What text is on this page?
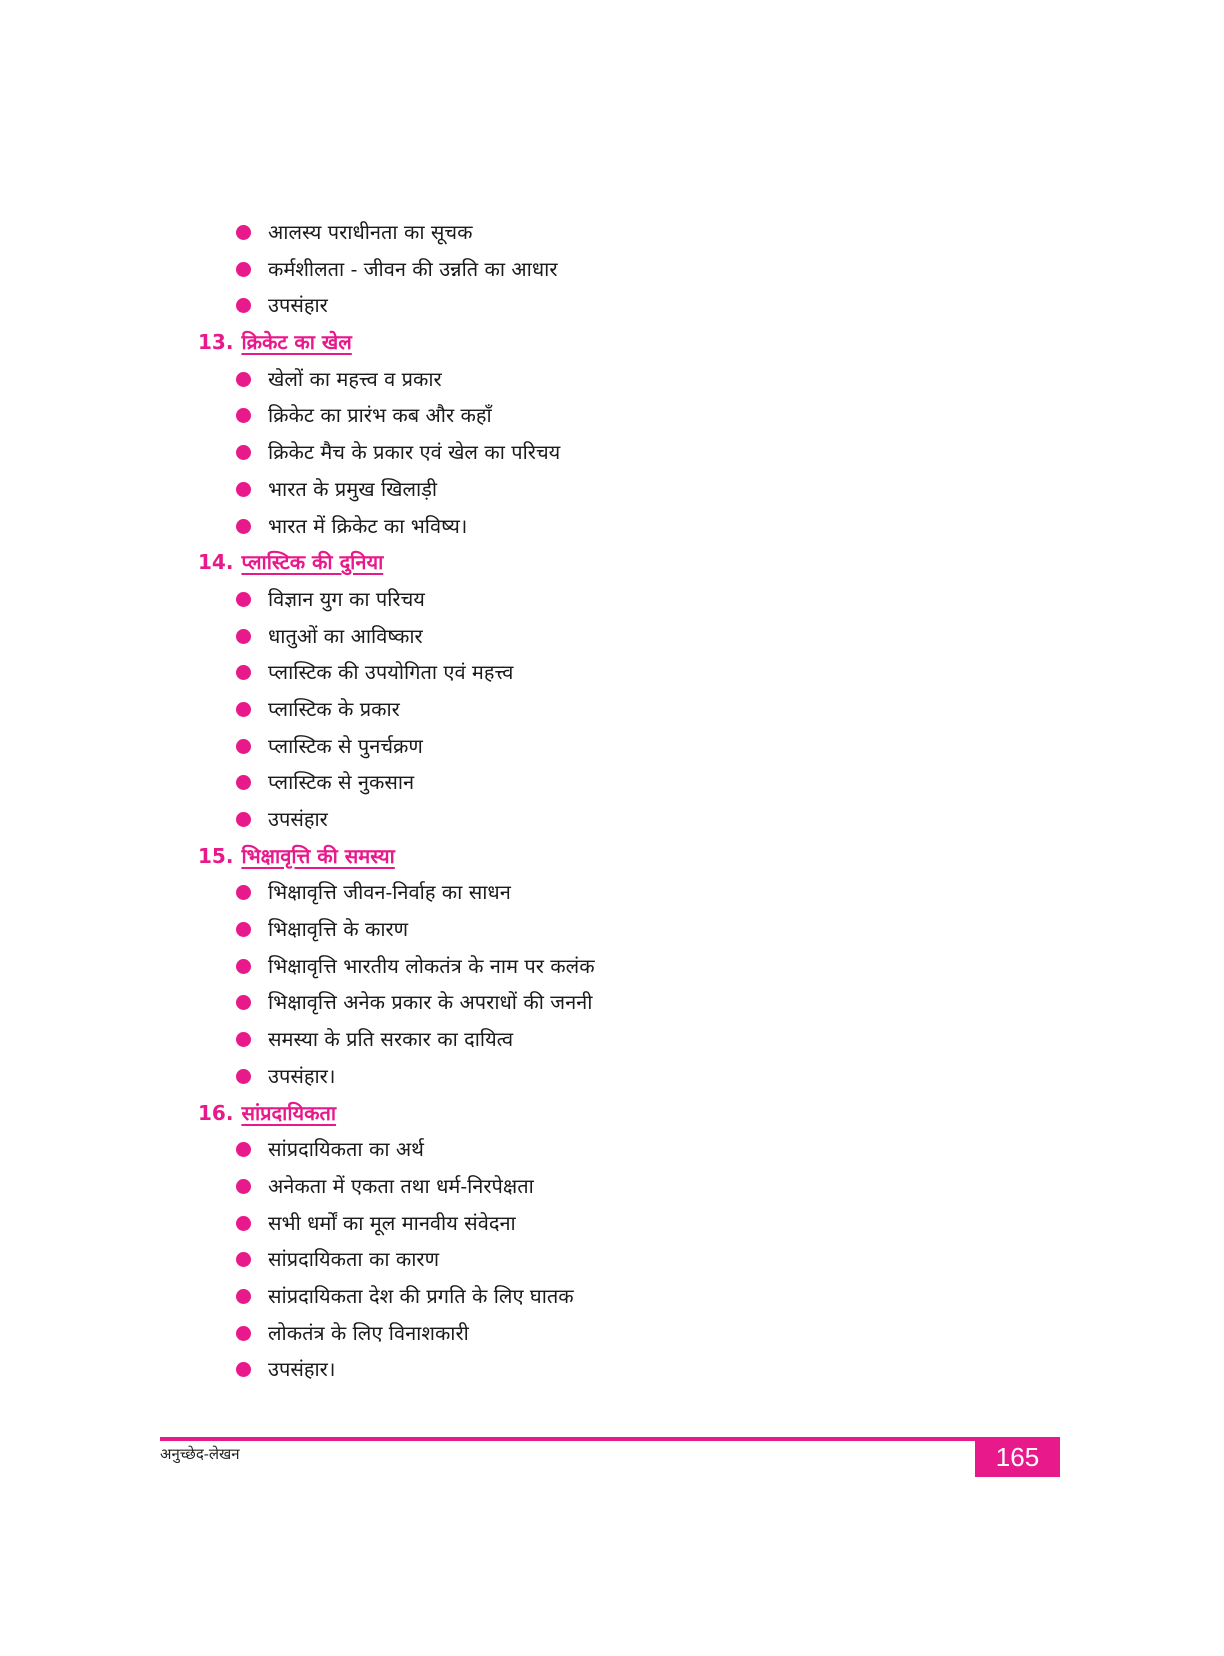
आलस्य पराधीनता का सूचक
कर्मशीलता - जीवन की उन्नति का आधार
उपसंहार
13. क्रिकेट का खेल
खेलों का महत्त्व व प्रकार
क्रिकेट का प्रारंभ कब और कहाँ
क्रिकेट मैच के प्रकार एवं खेल का परिचय
भारत के प्रमुख खिलाड़ी
भारत में क्रिकेट का भविष्य।
14. प्लास्टिक की दुनिया
विज्ञान युग का परिचय
धातुओं का आविष्कार
प्लास्टिक की उपयोगिता एवं महत्त्व
प्लास्टिक के प्रकार
प्लास्टिक से पुनर्चक्रण
प्लास्टिक से नुकसान
उपसंहार
15. भिक्षावृत्ति की समस्या
भिक्षावृत्ति जीवन-निर्वाह का साधन
भिक्षावृत्ति के कारण
भिक्षावृत्ति भारतीय लोकतंत्र के नाम पर कलंक
भिक्षावृत्ति अनेक प्रकार के अपराधों की जननी
समस्या के प्रति सरकार का दायित्व
उपसंहार।
16. सांप्रदायिकता
सांप्रदायिकता का अर्थ
अनेकता में एकता तथा धर्म-निरपेक्षता
सभी धर्मों का मूल मानवीय संवेदना
सांप्रदायिकता का कारण
सांप्रदायिकता देश की प्रगति के लिए घातक
लोकतंत्र के लिए विनाशकारी
उपसंहार।
अनुच्छेद-लेखन	165
